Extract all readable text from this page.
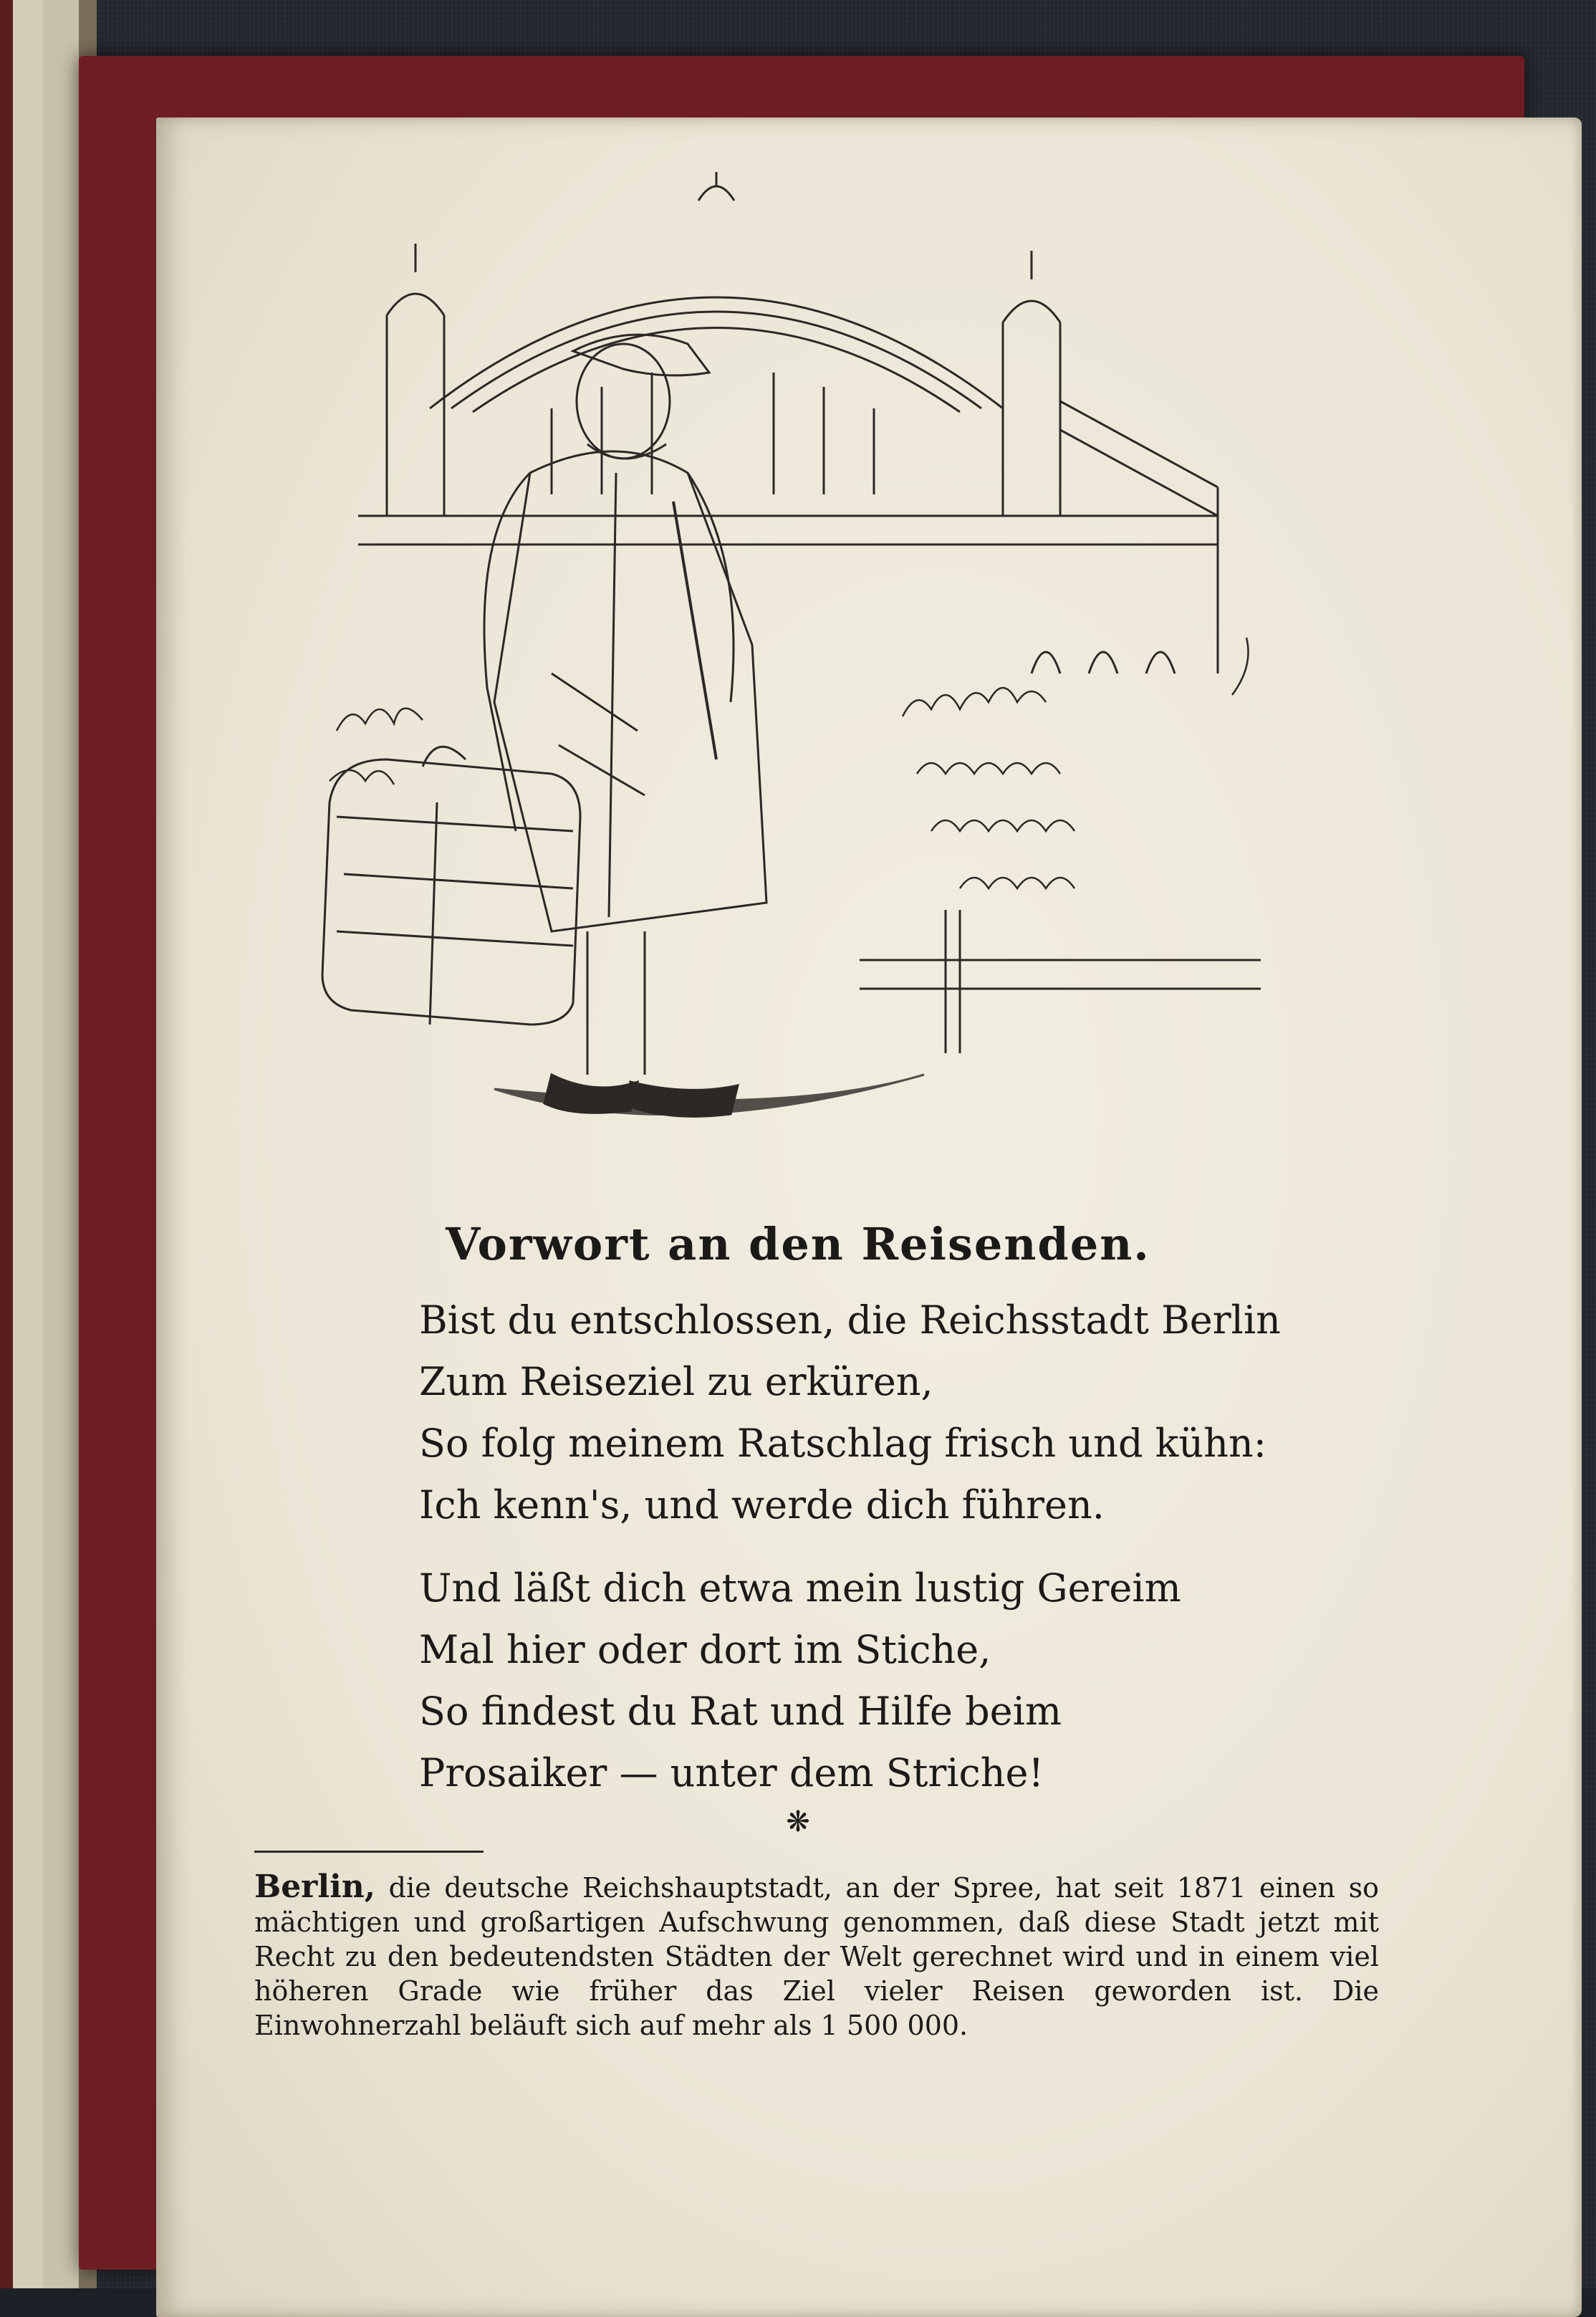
Vorwort an den Reisenden.
Bist du entschlossen, die Reichsstadt Berlin
Zum Reiseziel zu erküren,
So folg meinem Ratschlag frisch und kühn:
Ich kenn's, und werde dich führen.
Und läßt dich etwa mein lustig Gereim
Mal hier oder dort im Stiche,
So findest du Rat und Hilfe beim
Prosaiker — unter dem Striche!
❋
Berlin, die deutsche Reichshauptstadt, an der Spree, hat seit 1871 einen so mächtigen und großartigen Aufschwung genommen, daß diese Stadt jetzt mit Recht zu den bedeutendsten Städten der Welt gerechnet wird und in einem viel höheren Grade wie früher das Ziel vieler Reisen geworden ist. Die Einwohnerzahl beläuft sich auf mehr als 1 500 000.
